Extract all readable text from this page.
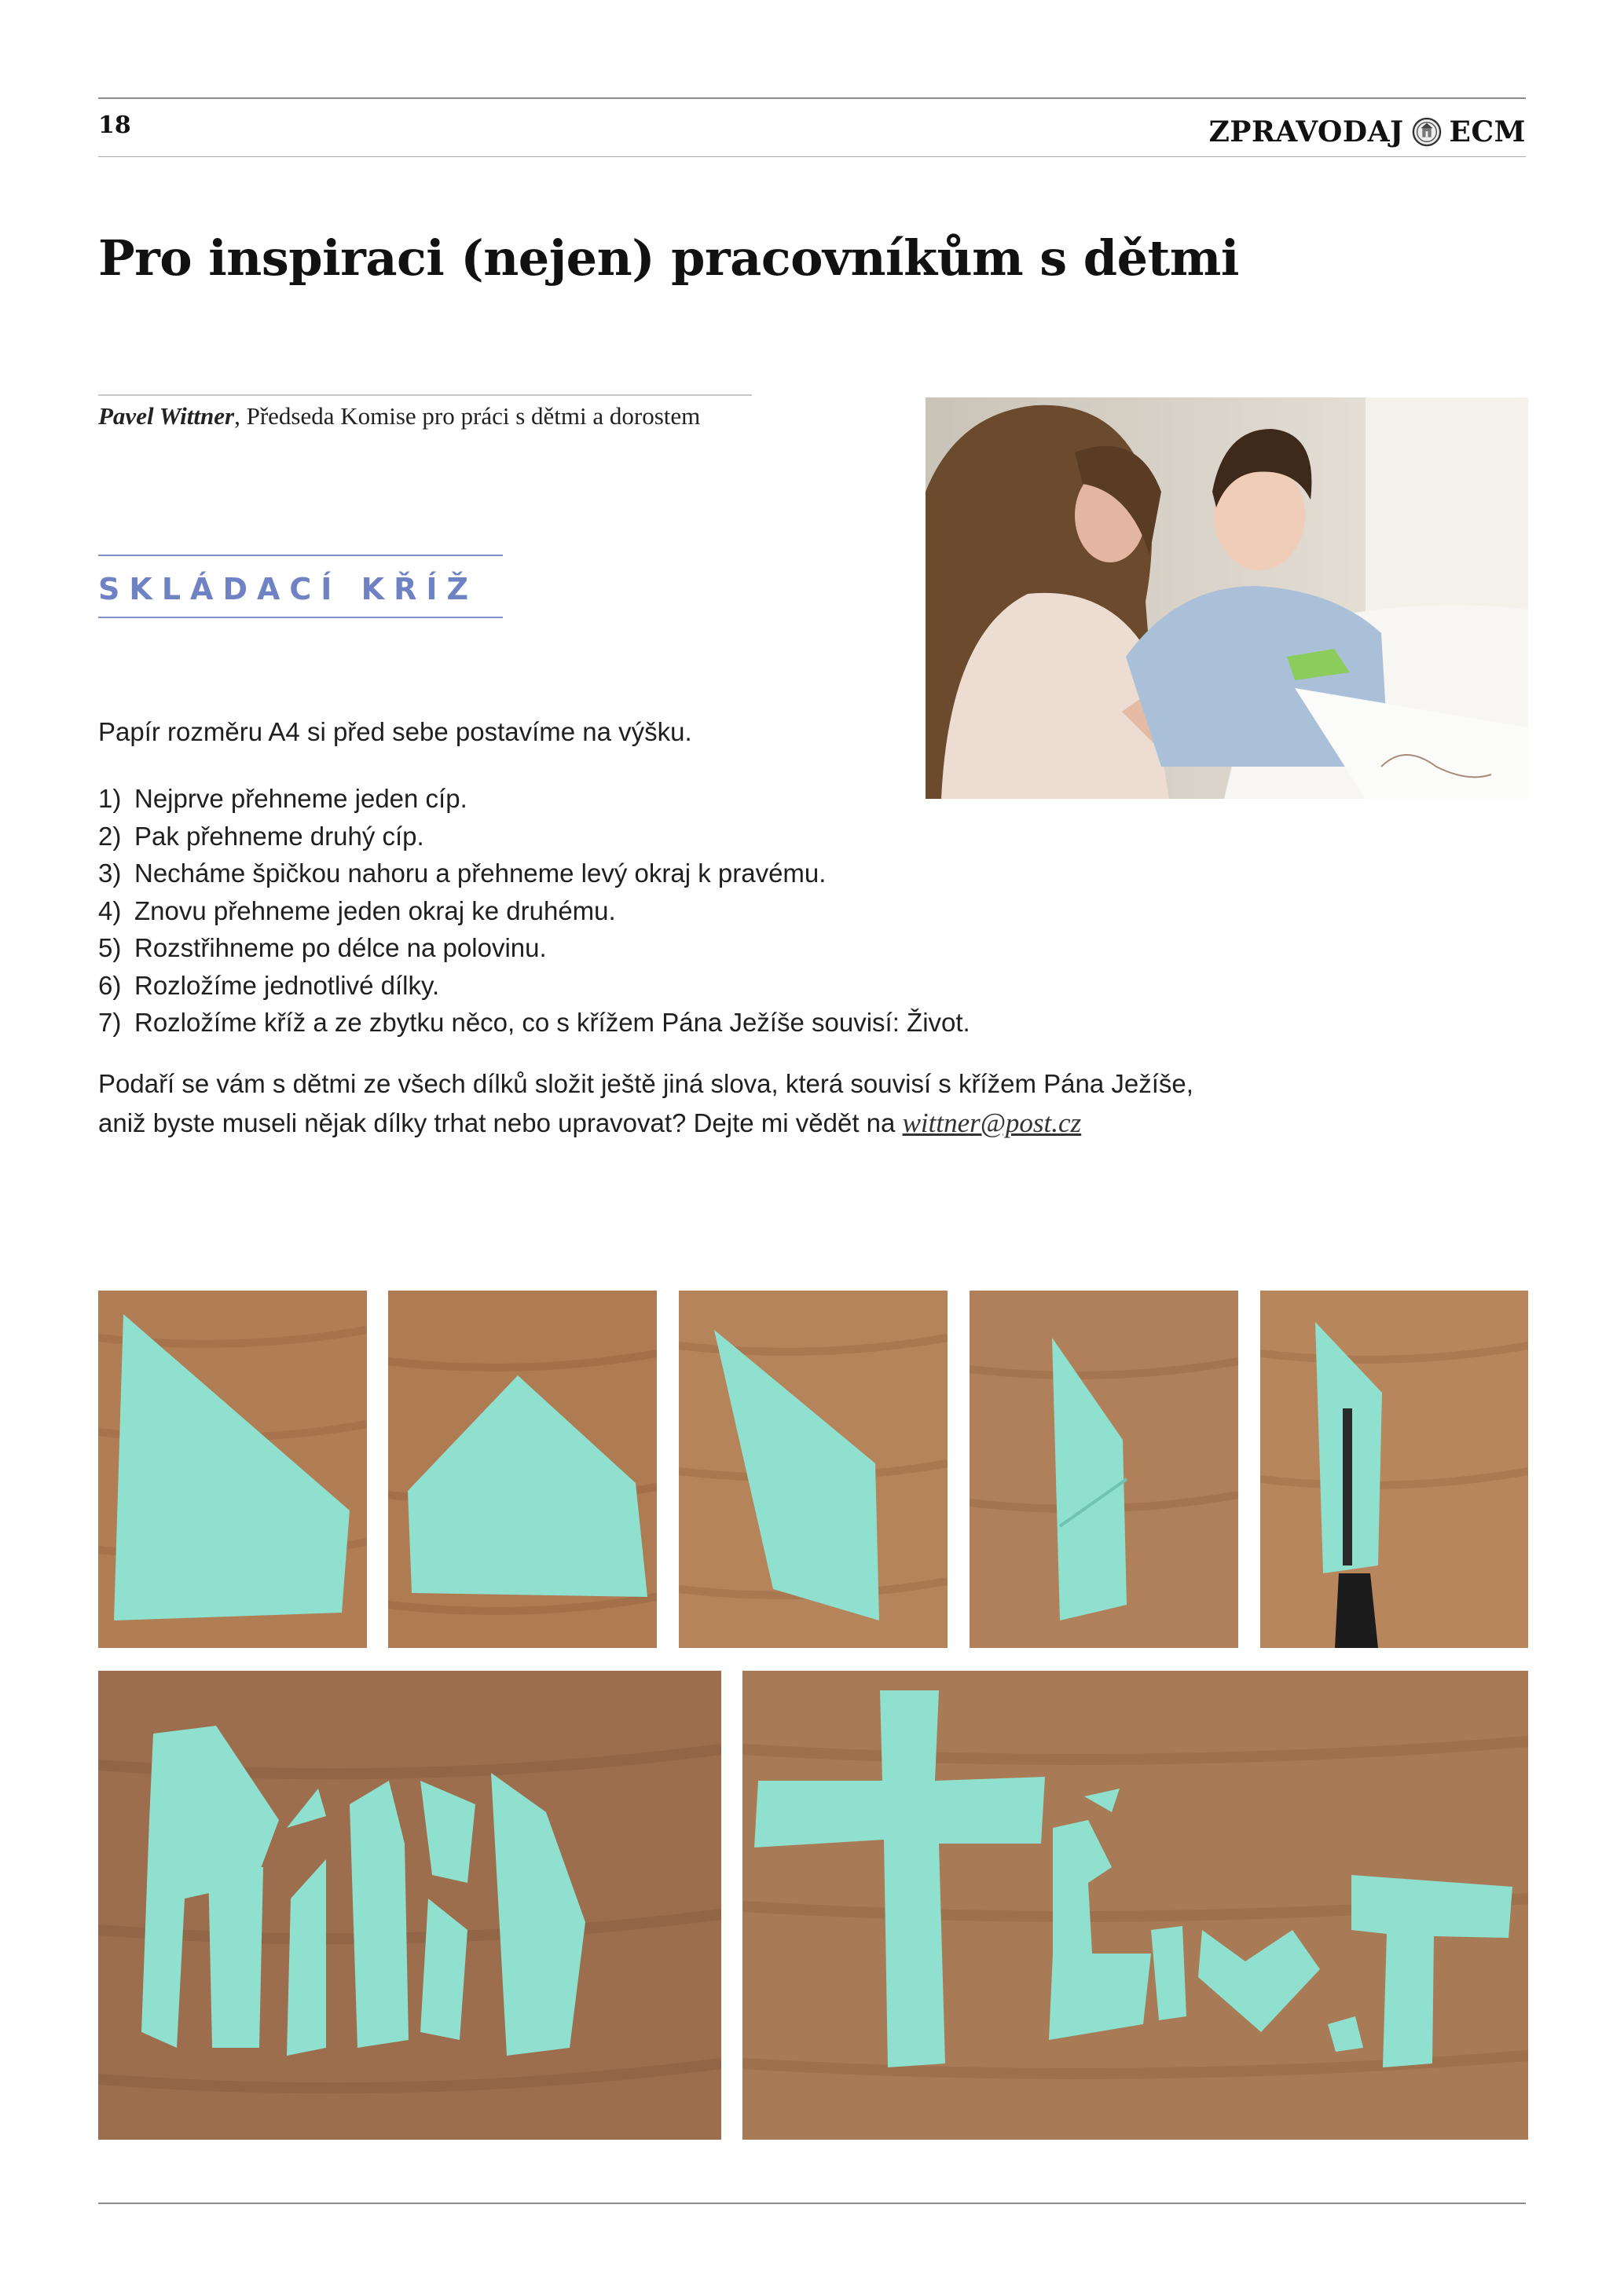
18	ZPRAVODAJ ECM
Pro inspiraci (nejen) pracovníkům s dětmi
Pavel Wittner, Předseda Komise pro práci s dětmi a dorostem
SKLÁDACÍ KŘÍŽ

Papír rozměru A4 si před sebe postavíme na výšku.

1) Nejprve přehneme jeden cíp.
2) Pak přehneme druhý cíp.
3) Necháme špičkou nahoru a přehneme levý okraj k pravému.
4) Znovu přehneme jeden okraj ke druhému.
5) Rozstřihneme po délce na polovinu.
6) Rozložíme jednotlivé dílky.
7) Rozložíme kříž a ze zbytku něco, co s křížem Pána Ježíše souvisí: Život.
Podaří se vám s dětmi ze všech dílků složit ještě jiná slova, která souvisí s křížem Pána Ježíše,
aniž byste museli nějak dílky trhat nebo upravovat? Dejte mi vědět na wittner@post.cz
